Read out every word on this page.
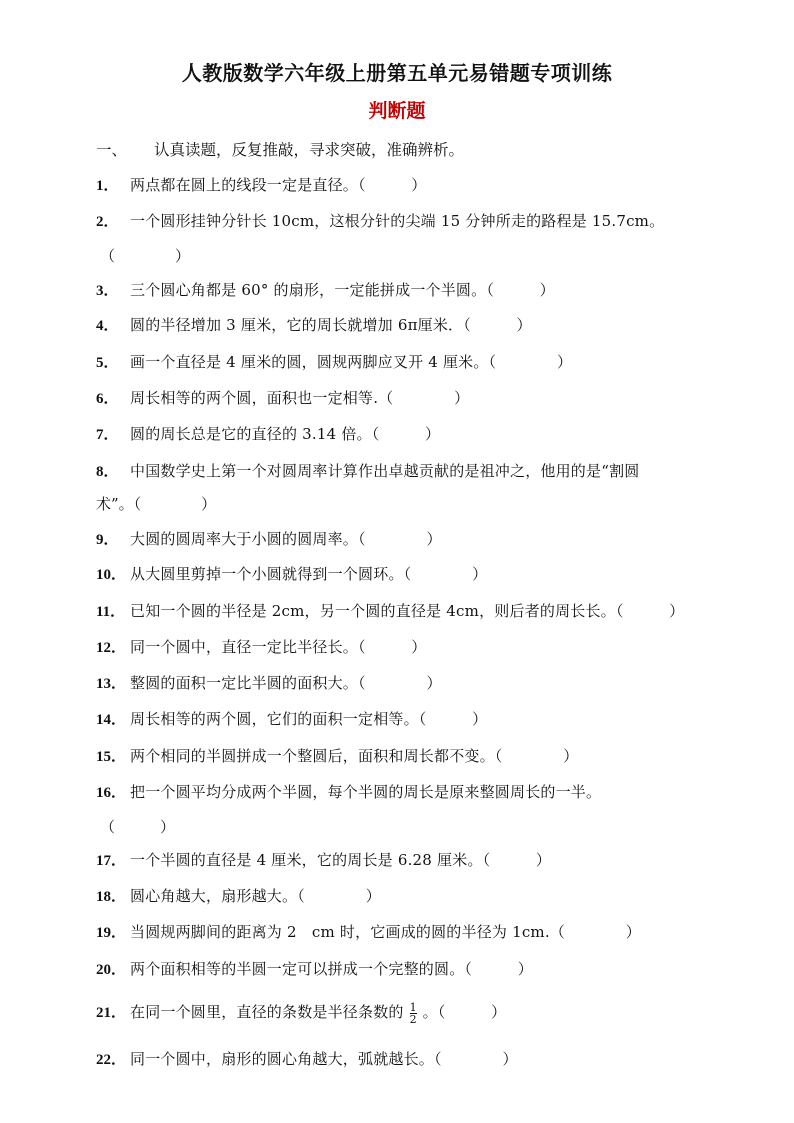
人教版数学六年级上册第五单元易错题专项训练
判断题
一、 认真读题，反复推敲，寻求突破，准确辨析。
1． 两点都在圆上的线段一定是直径。（　　　）
2． 一个圆形挂钟分针长 10cm，这根分针的尖端 15 分钟所走的路程是 15.7cm。
（　　　　）
3． 三个圆心角都是 60° 的扇形，一定能拼成一个半圆。（　　　）
4． 圆的半径增加 3 厘米，它的周长就增加 6π厘米．（　　　）
5． 画一个直径是 4 厘米的圆，圆规两脚应叉开 4 厘米。（　　　　）
6． 周长相等的两个圆，面积也一定相等.（　　　　）
7． 圆的周长总是它的直径的 3.14 倍。（　　　）
8． 中国数学史上第一个对圆周率计算作出卓越贡献的是祖冲之，他用的是“割圆
术”。（　　　　）
9． 大圆的圆周率大于小圆的圆周率。（　　　　）
10． 从大圆里剪掉一个小圆就得到一个圆环。（　　　　）
11． 已知一个圆的半径是 2cm，另一个圆的直径是 4cm，则后者的周长长。（　　　）
12． 同一个圆中，直径一定比半径长。（　　　）
13． 整圆的面积一定比半圆的面积大。（　　　　）
14． 周长相等的两个圆，它们的面积一定相等。（　　　）
15． 两个相同的半圆拼成一个整圆后，面积和周长都不变。（　　　　）
16． 把一个圆平均分成两个半圆，每个半圆的周长是原来整圆周长的一半。
（　　　）
17． 一个半圆的直径是 4 厘米，它的周长是 6.28 厘米。（　　　）
18． 圆心角越大，扇形越大。（　　　　）
19． 当圆规两脚间的距离为 2　cm 时，它画成的圆的半径为 1cm.（　　　　）
20． 两个面积相等的半圆一定可以拼成一个完整的圆。（　　　）
21． 在同一个圆里，直径的条数是半径条数的 $\frac{1}{2}$ 。（　　　）
22． 同一个圆中，扇形的圆心角越大，弧就越长。（　　　　）
